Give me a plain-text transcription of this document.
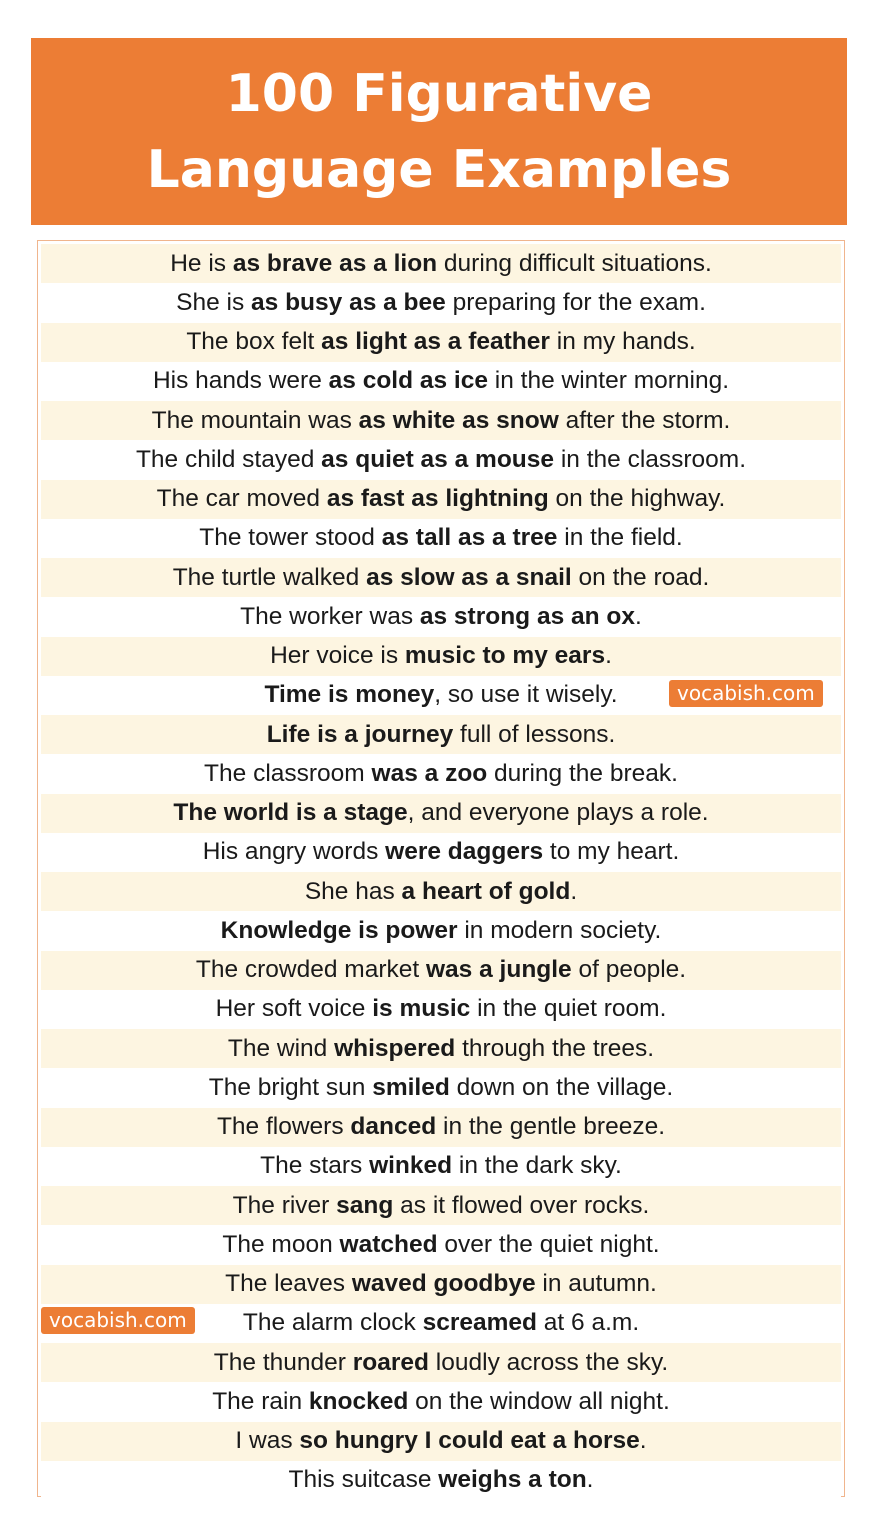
100 Figurative
Language Examples
He is as brave as a lion during difficult situations.
She is as busy as a bee preparing for the exam.
The box felt as light as a feather in my hands.
His hands were as cold as ice in the winter morning.
The mountain was as white as snow after the storm.
The child stayed as quiet as a mouse in the classroom.
The car moved as fast as lightning on the highway.
The tower stood as tall as a tree in the field.
The turtle walked as slow as a snail on the road.
The worker was as strong as an ox.
Her voice is music to my ears.
Time is money, so use it wisely.
Life is a journey full of lessons.
The classroom was a zoo during the break.
The world is a stage, and everyone plays a role.
His angry words were daggers to my heart.
She has a heart of gold.
Knowledge is power in modern society.
The crowded market was a jungle of people.
Her soft voice is music in the quiet room.
The wind whispered through the trees.
The bright sun smiled down on the village.
The flowers danced in the gentle breeze.
The stars winked in the dark sky.
The river sang as it flowed over rocks.
The moon watched over the quiet night.
The leaves waved goodbye in autumn.
The alarm clock screamed at 6 a.m.
The thunder roared loudly across the sky.
The rain knocked on the window all night.
I was so hungry I could eat a horse.
This suitcase weighs a ton.
vocabish.com
vocabish.com
